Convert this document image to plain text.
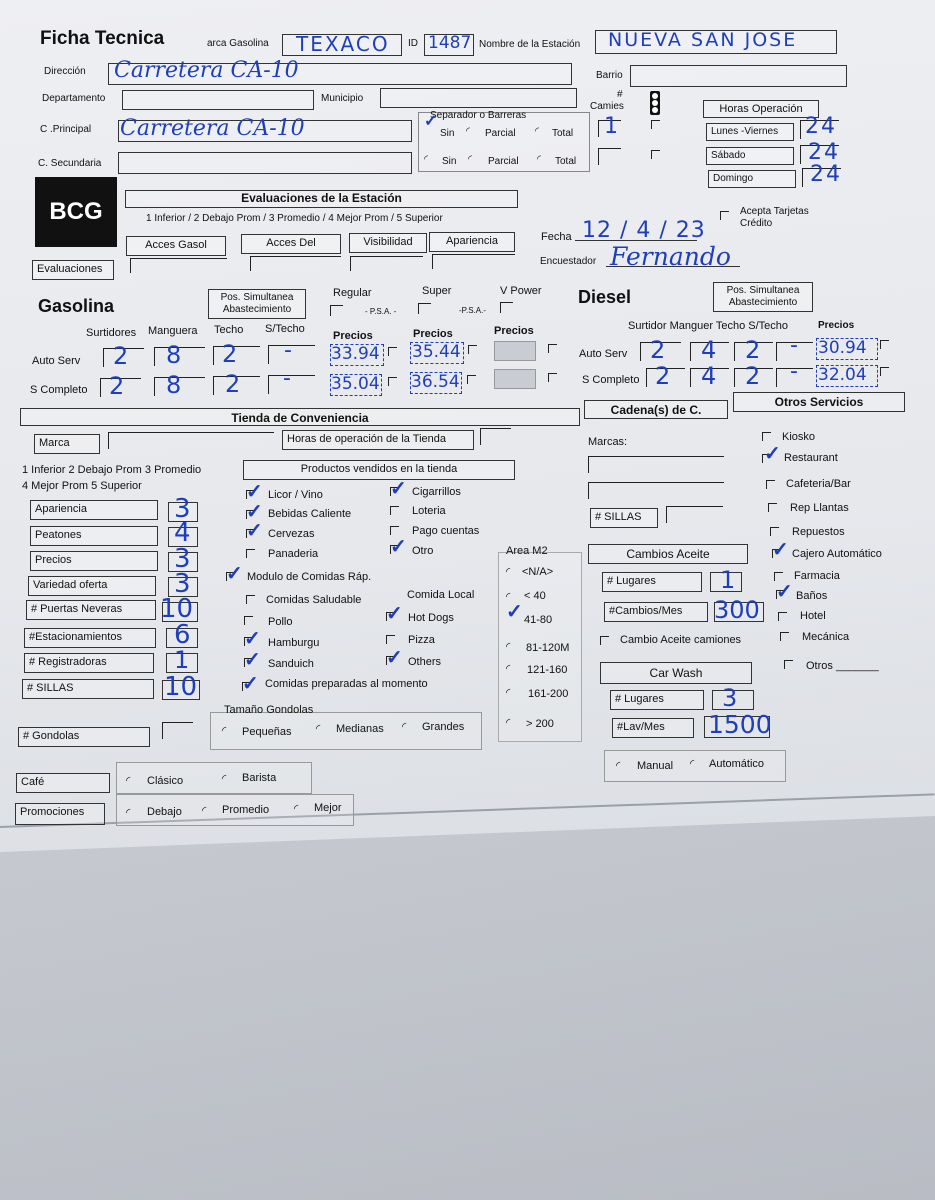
Ficha Tecnica	arca Gasolina TEXACO ID 1487 Nombre de la Estación NUEVA SAN JOSE
Dirección Carretera CA-10	Barrio
Departamento	Municipio	#
Camies
C .Principal Carretera CA-10
C. Secundaria
Separador o Barreras
✓
Sin ◜ Parcial ◜ Total
◜ Sin ◜ Parcial ◜ Total
1
Horas Operación
Lunes -Viernes	24
Sábado	24
Domingo	24
BCG	Evaluaciones de la Estación
1 Inferior / 2 Debajo Prom / 3 Promedio / 4 Mejor Prom / 5 Superior
Acces Gasol	Acces Del	Visibilidad	Apariencia
Evaluaciones
Fecha 12 / 4 / 23
Encuestador Fernando
Acepta Tarjetas
Crédito
Gasolina	Pos. Simultanea
Abastecimiento
Regular	Super	V Power
- P.S.A. -	-P.S.A.-
Surtidores Manguera Techo S/Techo
Precios	Precios	Precios
Auto Serv 2 8 2 - 33.94 35.44
S Completo 2 8 2 - 35.04 36.54
Diesel	Pos. Simultanea
Abastecimiento
Surtidor Manguer Techo S/Techo	Precios
Auto Serv 2 4 2 - 30.94
S Completo 2 4 2 - 32.04
Tienda de Conveniencia
Cadena(s) de C.
Otros Servicios
Marca	Horas de operación de la Tienda
1 Inferior 2 Debajo Prom 3 Promedio
4 Mejor Prom 5 Superior
Productos vendidos en la tienda
Apariencia	3
Peatones	4
Precios	3
Variedad oferta	3
# Puertas Neveras	10
#Estacionamientos	6
# Registradoras	1
# SILLAS	10
# Gondolas
✓ Licor / Vino
✓ Bebidas Caliente
✓ Cervezas
Panaderia
✓ Cigarrillos
Loteria
Pago cuentas
✓ Otro
✓ Modulo de Comidas Ráp.
Comidas Saludable	Comida Local
Pollo
✓ Hamburgu
✓ Sanduich
✓ Hot Dogs
Pizza
✓ Others
✓ Comidas preparadas al momento
Tamaño Gondolas
◜ Pequeñas ◜ Medianas ◜ Grandes
Area M2
◜ <N/A>
◜ < 40
✓ 41-80
◜ 81-120M
◜ 121-160
◜ 161-200
◜ > 200
Café	◜ Clásico	◜ Barista
Promociones	◜ Debajo ◜ Promedio ◜ Mejor
Marcas:
# SILLAS
Cambios Aceite
# Lugares	1
#Cambios/Mes	300
Cambio Aceite camiones
Car Wash
# Lugares	3
#Lav/Mes	1500
◜ Manual ◜ Automático
Kiosko
✓ Restaurant
Cafeteria/Bar
Rep Llantas
Repuestos
✓ Cajero Automático
Farmacia
✓ Baños
Hotel
Mecánica
Otros _______
